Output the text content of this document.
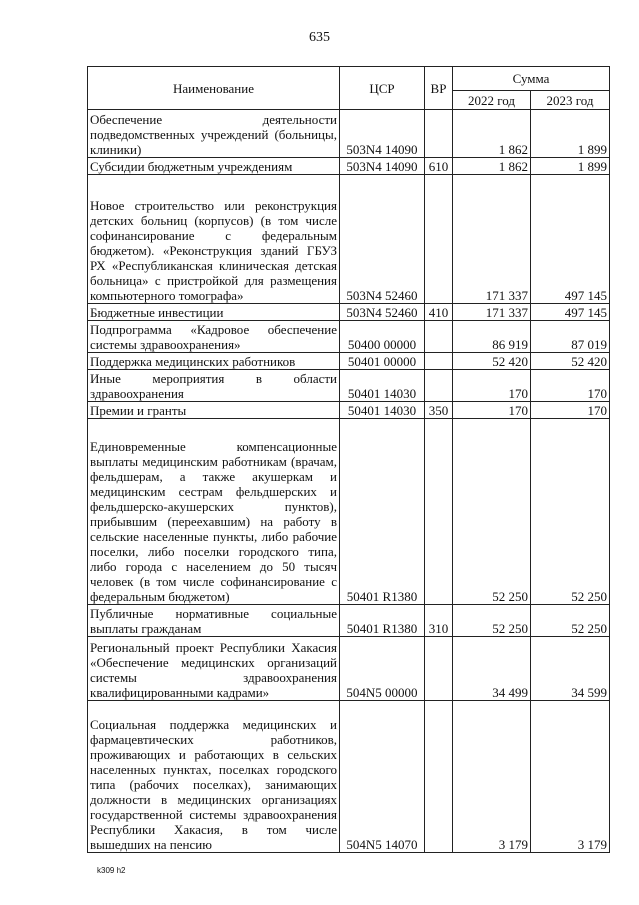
635
Наименование	ЦСР	ВР	Сумма	
			2022 год	2023 год
Обеспечение деятельности подведомственных учреждений (больницы, клиники)	503N4 14090		1 862	1 899
Субсидии бюджетным учреждениям	503N4 14090	610	1 862	1 899
Новое строительство или реконструкция детских больниц (корпусов) (в том числе софинансирование с федеральным бюджетом). «Реконструкция зданий ГБУЗ РХ «Республиканская клиническая детская больница» с пристройкой для размещения компьютерного томографа»	503N4 52460		171 337	497 145
Бюджетные инвестиции	503N4 52460	410	171 337	497 145
Подпрограмма «Кадровое обеспечение системы здравоохранения»	50400 00000		86 919	87 019
Поддержка медицинских работников	50401 00000		52 420	52 420
Иные мероприятия в области здравоохранения	50401 14030		170	170
Премии и гранты	50401 14030	350	170	170
Единовременные компенсационные выплаты медицинским работникам (врачам, фельдшерам, а также акушеркам и медицинским сестрам фельдшерских и фельдшерско-акушерских пунктов), прибывшим (переехавшим) на работу в сельские населенные пункты, либо рабочие поселки, либо поселки городского типа, либо города с населением до 50 тысяч человек (в том числе софинансирование с федеральным бюджетом)	50401 R1380		52 250	52 250
Публичные нормативные социальные выплаты гражданам	50401 R1380	310	52 250	52 250
Региональный проект Республики Хакасия «Обеспечение медицинских организаций системы здравоохранения квалифицированными кадрами»	504N5 00000		34 499	34 599
Социальная поддержка медицинских и фармацевтических работников, проживающих и работающих в сельских населенных пунктах, поселках городского типа (рабочих поселках), занимающих должности в медицинских организациях государственной системы здравоохранения Республики Хакасия, в том числе вышедших на пенсию	504N5 14070		3 179	3 179
k309 h2
